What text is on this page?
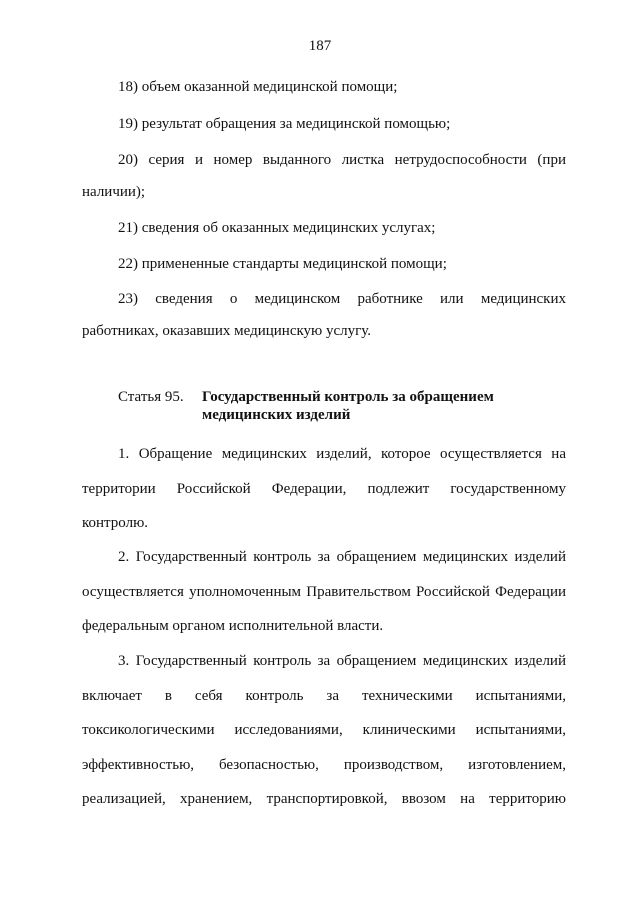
187
18) объем оказанной медицинской помощи;
19) результат обращения за медицинской помощью;
20) серия и номер выданного листка нетрудоспособности (при
наличии);
21) сведения об оказанных медицинских услугах;
22) примененные стандарты медицинской помощи;
23) сведения о медицинском работнике или медицинских
работниках, оказавших медицинскую услугу.
Статья 95. Государственный контроль за обращением
медицинских изделий
1. Обращение медицинских изделий, которое осуществляется на
территории Российской Федерации, подлежит государственному
контролю.
2. Государственный контроль за обращением медицинских изделий
осуществляется уполномоченным Правительством Российской Федерации
федеральным органом исполнительной власти.
3. Государственный контроль за обращением медицинских изделий
включает в себя контроль за техническими испытаниями,
токсикологическими исследованиями, клиническими испытаниями,
эффективностью, безопасностью, производством, изготовлением,
реализацией, хранением, транспортировкой, ввозом на территорию
